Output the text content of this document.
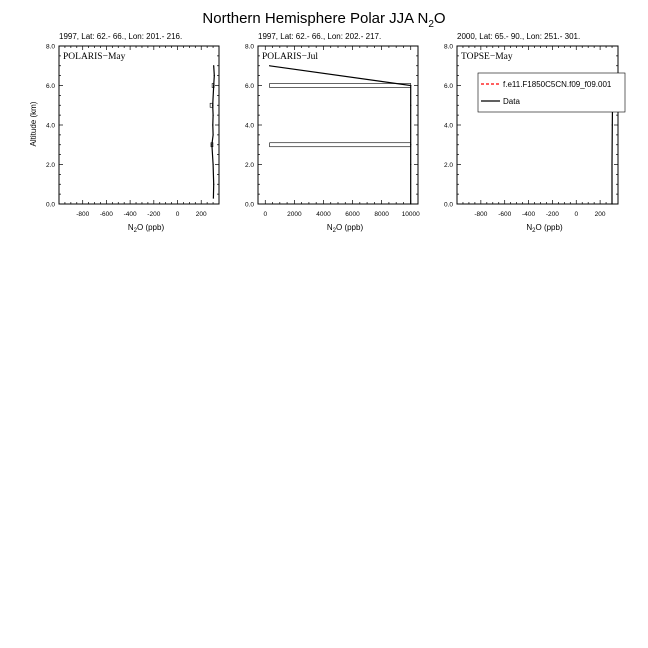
Northern Hemisphere Polar JJA $N_2O$
Altitude (km)
1997, Lat: 62.- 66., Lon: 201.- 216.
0.0
2.0
4.0
6.0
8.0
-800 -600 -400 -200 0	200
$N_2O$ (ppb)
POLARIS−May
1997, Lat: 62.- 66., Lon: 202.- 217.
0.0
2.0
4.0
6.0
8.0
0	2000 4000 6000 8000 10000
$N_2O$ (ppb)
POLARIS−Jul
2000, Lat: 65.- 90., Lon: 251.- 301.
0.0
2.0
4.0
6.0
8.0
-800 -600 -400 -200 0	200
$N_2O$ (ppb)
TOPSE−May
f.e11.F1850C5CN.f09_f09.001
Data
